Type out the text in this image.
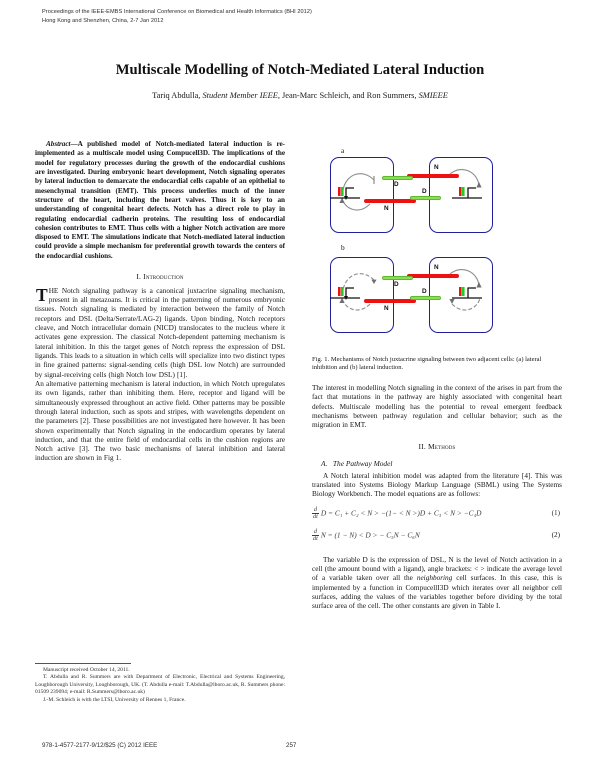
Proceedings of the IEEE-EMBS International Conference on Biomedical and Health Informatics (BHI 2012)
Hong Kong and Shenzhen, China, 2-7 Jan 2012
Multiscale Modelling of Notch-Mediated Lateral Induction
Tariq Abdulla, Student Member IEEE, Jean-Marc Schleich, and Ron Summers, SMIEEE
Abstract—A published model of Notch-mediated lateral induction is re-implemented as a multiscale model using Compucell3D. The implications of the model for regulatory processes during the growth of the endocardial cushions are investigated. During embryonic heart development, Notch signaling operates by lateral induction to demarcate the endocardial cells capable of an epithelial to mesenchymal transition (EMT). This process underlies much of the inner structure of the heart, including the heart valves. Thus it is key to an understanding of congenital heart defects. Notch has a direct role to play in regulating endocardial cadherin proteins. The resulting loss of endocardial cohesion contributes to EMT. Thus cells with a higher Notch activation are more disposed to EMT. The simulations indicate that Notch-mediated lateral induction could provide a simple mechanism for preferential growth towards the centers of the endocardial cushions.
I. Introduction

THE Notch signaling pathway is a canonical juxtacrine signaling mechanism, present in all metazoans. It is critical in the patterning of numerous embryonic tissues. Notch signaling is mediated by interaction between the family of Notch receptors and DSL (Delta/Serrate/LAG-2) ligands. Upon binding, Notch receptors cleave, and Notch intracellular domain (NICD) translocates to the nucleus where it activates gene expression. The classical Notch-dependent patterning mechanism is lateral inhibition. In this the target genes of Notch repress the expression of DSL ligands. This leads to a situation in which cells will specialize into two distinct types in fine grained patterns: signal-sending cells (high DSL low Notch) are surrounded by signal-receiving cells (high Notch low DSL) [1].

An alternative patterning mechanism is lateral induction, in which Notch upregulates its own ligands, rather than inhibiting them. Here, receptor and ligand will be simultaneously expressed throughout an active field. Other patterns may be possible through lateral induction, such as spots and stripes, with wavelengths dependent on the parameters [2]. These possibilities are not investigated here however. It has been shown experimentally that Notch signaling in the endocardium operates by lateral induction, and that the entire field of endocardial cells in the cushion regions are Notch active [3]. The two basic mechanisms of lateral inhibition and lateral induction are shown in Fig 1.

a
N
D
D
N
b
N
D
D
N
Fig. 1. Mechanisms of Notch juxtacrine signaling between two adjacent cells: (a) lateral inhibition and (b) lateral induction.

The interest in modelling Notch signaling in the context of the arises in part from the fact that mutations in the pathway are highly associated with congenital heart defects. Multiscale modelling has the potential to reveal emergent feedback mechanisms between pathway regulation and cellular behavior; such as the migration in EMT.

II. Methods
A. The Pathway Model

A Notch lateral inhibition model was adapted from the literature [4]. This was translated into Systems Biology Markup Language (SBML) using The Systems Biology Workbench. The model equations are as follows:

$\frac{d}{dt}$ D = C₁ + C₂ < N > −(1− < N >)D + C₃ < N > −C₄D	(1)
$\frac{d}{dt}$ N = (1 − N) < D > − C₅N − C₆N	(2)

The variable D is the expression of DSL, N is the level of Notch activation in a cell (the amount bound with a ligand), angle brackets: < > indicate the average level of a variable taken over all the neighboring cell surfaces. In this case, this is implemented by a function in CompucellI3D which iterates over all neighbor cell surfaces, adding the values of the variables together before dividing by the total surface area of the cell. The other constants are given in Table I.

Manuscript received October 14, 2011.

T. Abdulla and R. Summers are with Department of Electronic, Electrical and Systems Engineering, Loughborough University, Loughborough, UK. (T. Abdulla e-mail: T.Abdulla@lboro.ac.uk, R. Summers phone: 01509 239094; e-mail: R.Summers@lboro.ac.uk)

J.-M. Schleich is with the LTSI, University of Rennes 1, France.

978-1-4577-2177-9/12/$25 (C) 2012 IEEE	257
